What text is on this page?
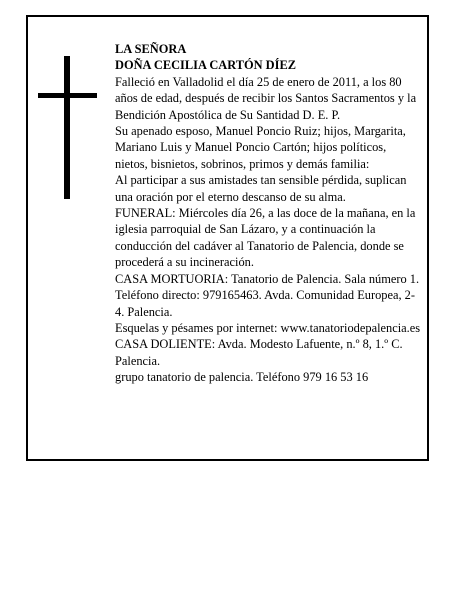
LA SEÑORA

DOÑA CECILIA CARTÓN DÍEZ

Falleció en Valladolid el día 25 de enero de 2011, a los 80 años de edad, después de recibir los Santos Sacramentos y la Bendición Apostólica de Su Santidad D. E. P.

Su apenado esposo, Manuel Poncio Ruiz; hijos, Margarita, Mariano Luis y Manuel Poncio Cartón; hijos políticos, nietos, bisnietos, sobrinos, primos y demás familia:

Al participar a sus amistades tan sensible pérdida, suplican una oración por el eterno descanso de su alma.

FUNERAL: Miércoles día 26, a las doce de la mañana, en la iglesia parroquial de San Lázaro, y a continuación la conducción del cadáver al Tanatorio de Palencia, donde se procederá a su incineración.

CASA MORTUORIA: Tanatorio de Palencia. Sala número 1. Teléfono directo: 979165463. Avda. Comunidad Europea, 2-4. Palencia.

Esquelas y pésames por internet: www.tanatoriodepalencia.es

CASA DOLIENTE: Avda. Modesto Lafuente, n.º 8, 1.º C. Palencia.

grupo tanatorio de palencia. Teléfono 979 16 53 16
